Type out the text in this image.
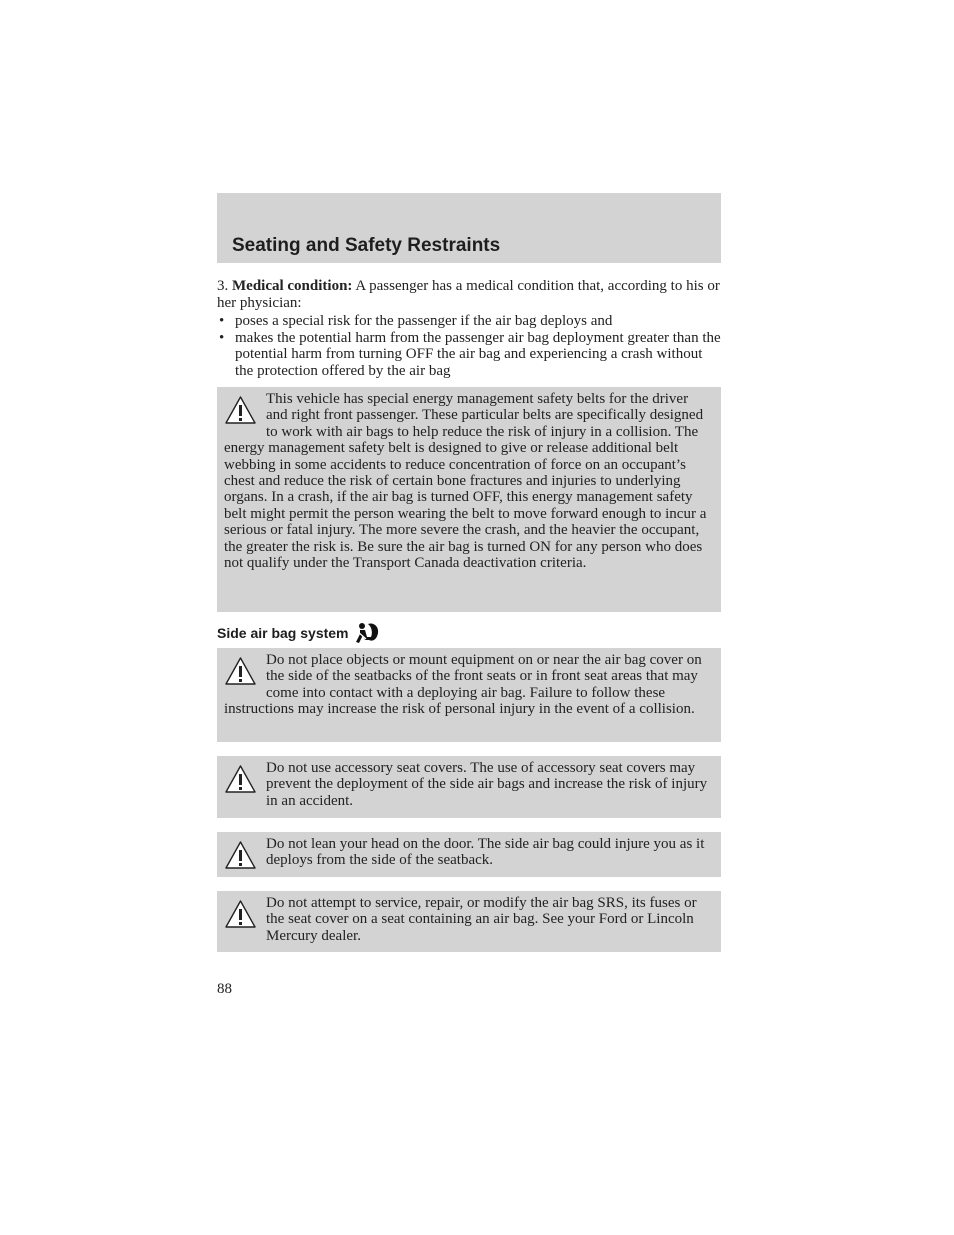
Seating and Safety Restraints

3. Medical condition: A passenger has a medical condition that, according to his or her physician:

• poses a special risk for the passenger if the air bag deploys and
• makes the potential harm from the passenger air bag deployment greater than the potential harm from turning OFF the air bag and experiencing a crash without the protection offered by the air bag

This vehicle has special energy management safety belts for the driver and right front passenger. These particular belts are specifically designed to work with air bags to help reduce the risk of injury in a collision. The energy management safety belt is designed to give or release additional belt webbing in some accidents to reduce concentration of force on an occupant’s chest and reduce the risk of certain bone fractures and injuries to underlying organs. In a crash, if the air bag is turned OFF, this energy management safety belt might permit the person wearing the belt to move forward enough to incur a serious or fatal injury. The more severe the crash, and the heavier the occupant, the greater the risk is. Be sure the air bag is turned ON for any person who does not qualify under the Transport Canada deactivation criteria.

Side air bag system

Do not place objects or mount equipment on or near the air bag cover on the side of the seatbacks of the front seats or in front seat areas that may come into contact with a deploying air bag. Failure to follow these instructions may increase the risk of personal injury in the event of a collision.

Do not use accessory seat covers. The use of accessory seat covers may prevent the deployment of the side air bags and increase the risk of injury in an accident.

Do not lean your head on the door. The side air bag could injure you as it deploys from the side of the seatback.

Do not attempt to service, repair, or modify the air bag SRS, its fuses or the seat cover on a seat containing an air bag. See your Ford or Lincoln Mercury dealer.

88
